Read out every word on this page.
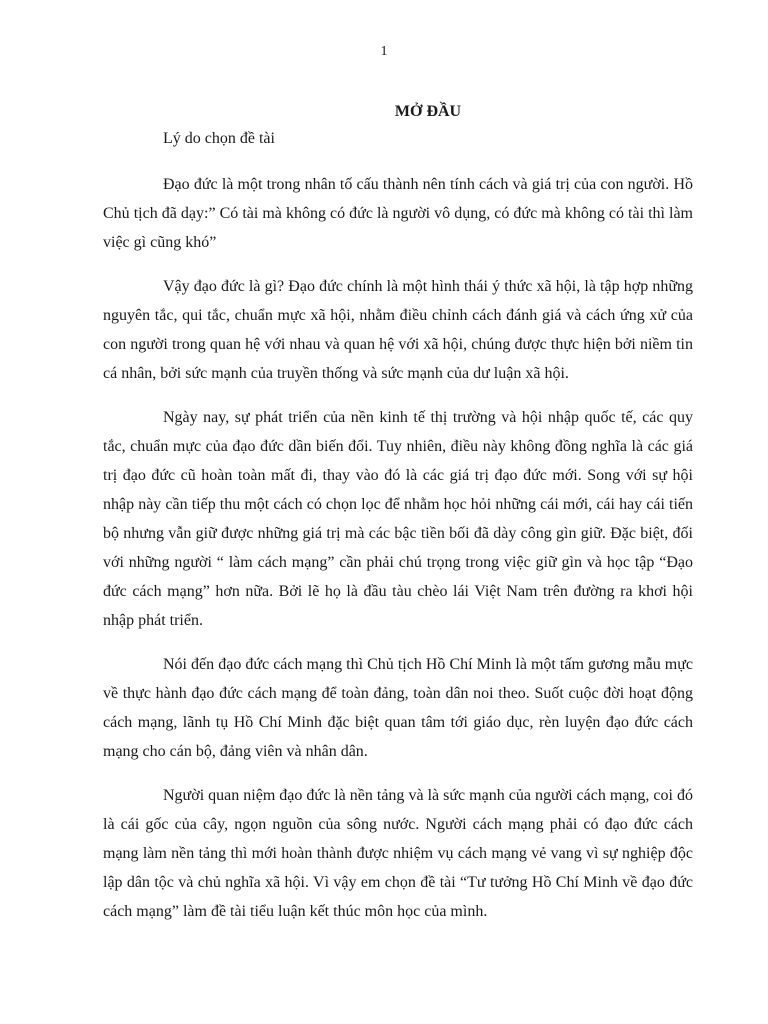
1
MỞ ĐẦU
Lý do chọn đề tài

Đạo đức là một trong nhân tố cấu thành nên tính cách và giá trị của con người. Hồ Chủ tịch đã dạy:” Có tài mà không có đức là người vô dụng, có đức mà không có tài thì làm việc gì cũng khó”

Vậy đạo đức là gì? Đạo đức chính là một hình thái ý thức xã hội, là tập hợp những nguyên tắc, qui tắc, chuẩn mực xã hội, nhằm điều chỉnh cách đánh giá và cách ứng xử của con người trong quan hệ với nhau và quan hệ với xã hội, chúng được thực hiện bởi niềm tin cá nhân, bởi sức mạnh của truyền thống và sức mạnh của dư luận xã hội.

Ngày nay, sự phát triển của nền kinh tế thị trường và hội nhập quốc tế, các quy tắc, chuẩn mực của đạo đức dần biến đổi. Tuy nhiên, điều này không đồng nghĩa là các giá trị đạo đức cũ hoàn toàn mất đi, thay vào đó là các giá trị đạo đức mới. Song với sự hội nhập này cần tiếp thu một cách có chọn lọc để nhằm học hỏi những cái mới, cái hay cái tiến bộ nhưng vẫn giữ được những giá trị mà các bậc tiền bối đã dày công gìn giữ. Đặc biệt, đối với những người “ làm cách mạng” cần phải chú trọng trong việc giữ gìn và học tập “Đạo đức cách mạng” hơn nữa. Bởi lẽ họ là đầu tàu chèo lái Việt Nam trên đường ra khơi hội nhập phát triển.

Nói đến đạo đức cách mạng thì Chủ tịch Hồ Chí Minh là một tấm gương mẫu mực về thực hành đạo đức cách mạng để toàn đảng, toàn dân noi theo. Suốt cuộc đời hoạt động cách mạng, lãnh tụ Hồ Chí Minh đặc biệt quan tâm tới giáo dục, rèn luyện đạo đức cách mạng cho cán bộ, đảng viên và nhân dân.

Người quan niệm đạo đức là nền tảng và là sức mạnh của người cách mạng, coi đó là cái gốc của cây, ngọn nguồn của sông nước. Người cách mạng phải có đạo đức cách mạng làm nền tảng thì mới hoàn thành được nhiệm vụ cách mạng vẻ vang vì sự nghiệp độc lập dân tộc và chủ nghĩa xã hội. Vì vậy em chọn đề tài “Tư tưởng Hồ Chí Minh về đạo đức cách mạng” làm đề tài tiểu luận kết thúc môn học của mình.
